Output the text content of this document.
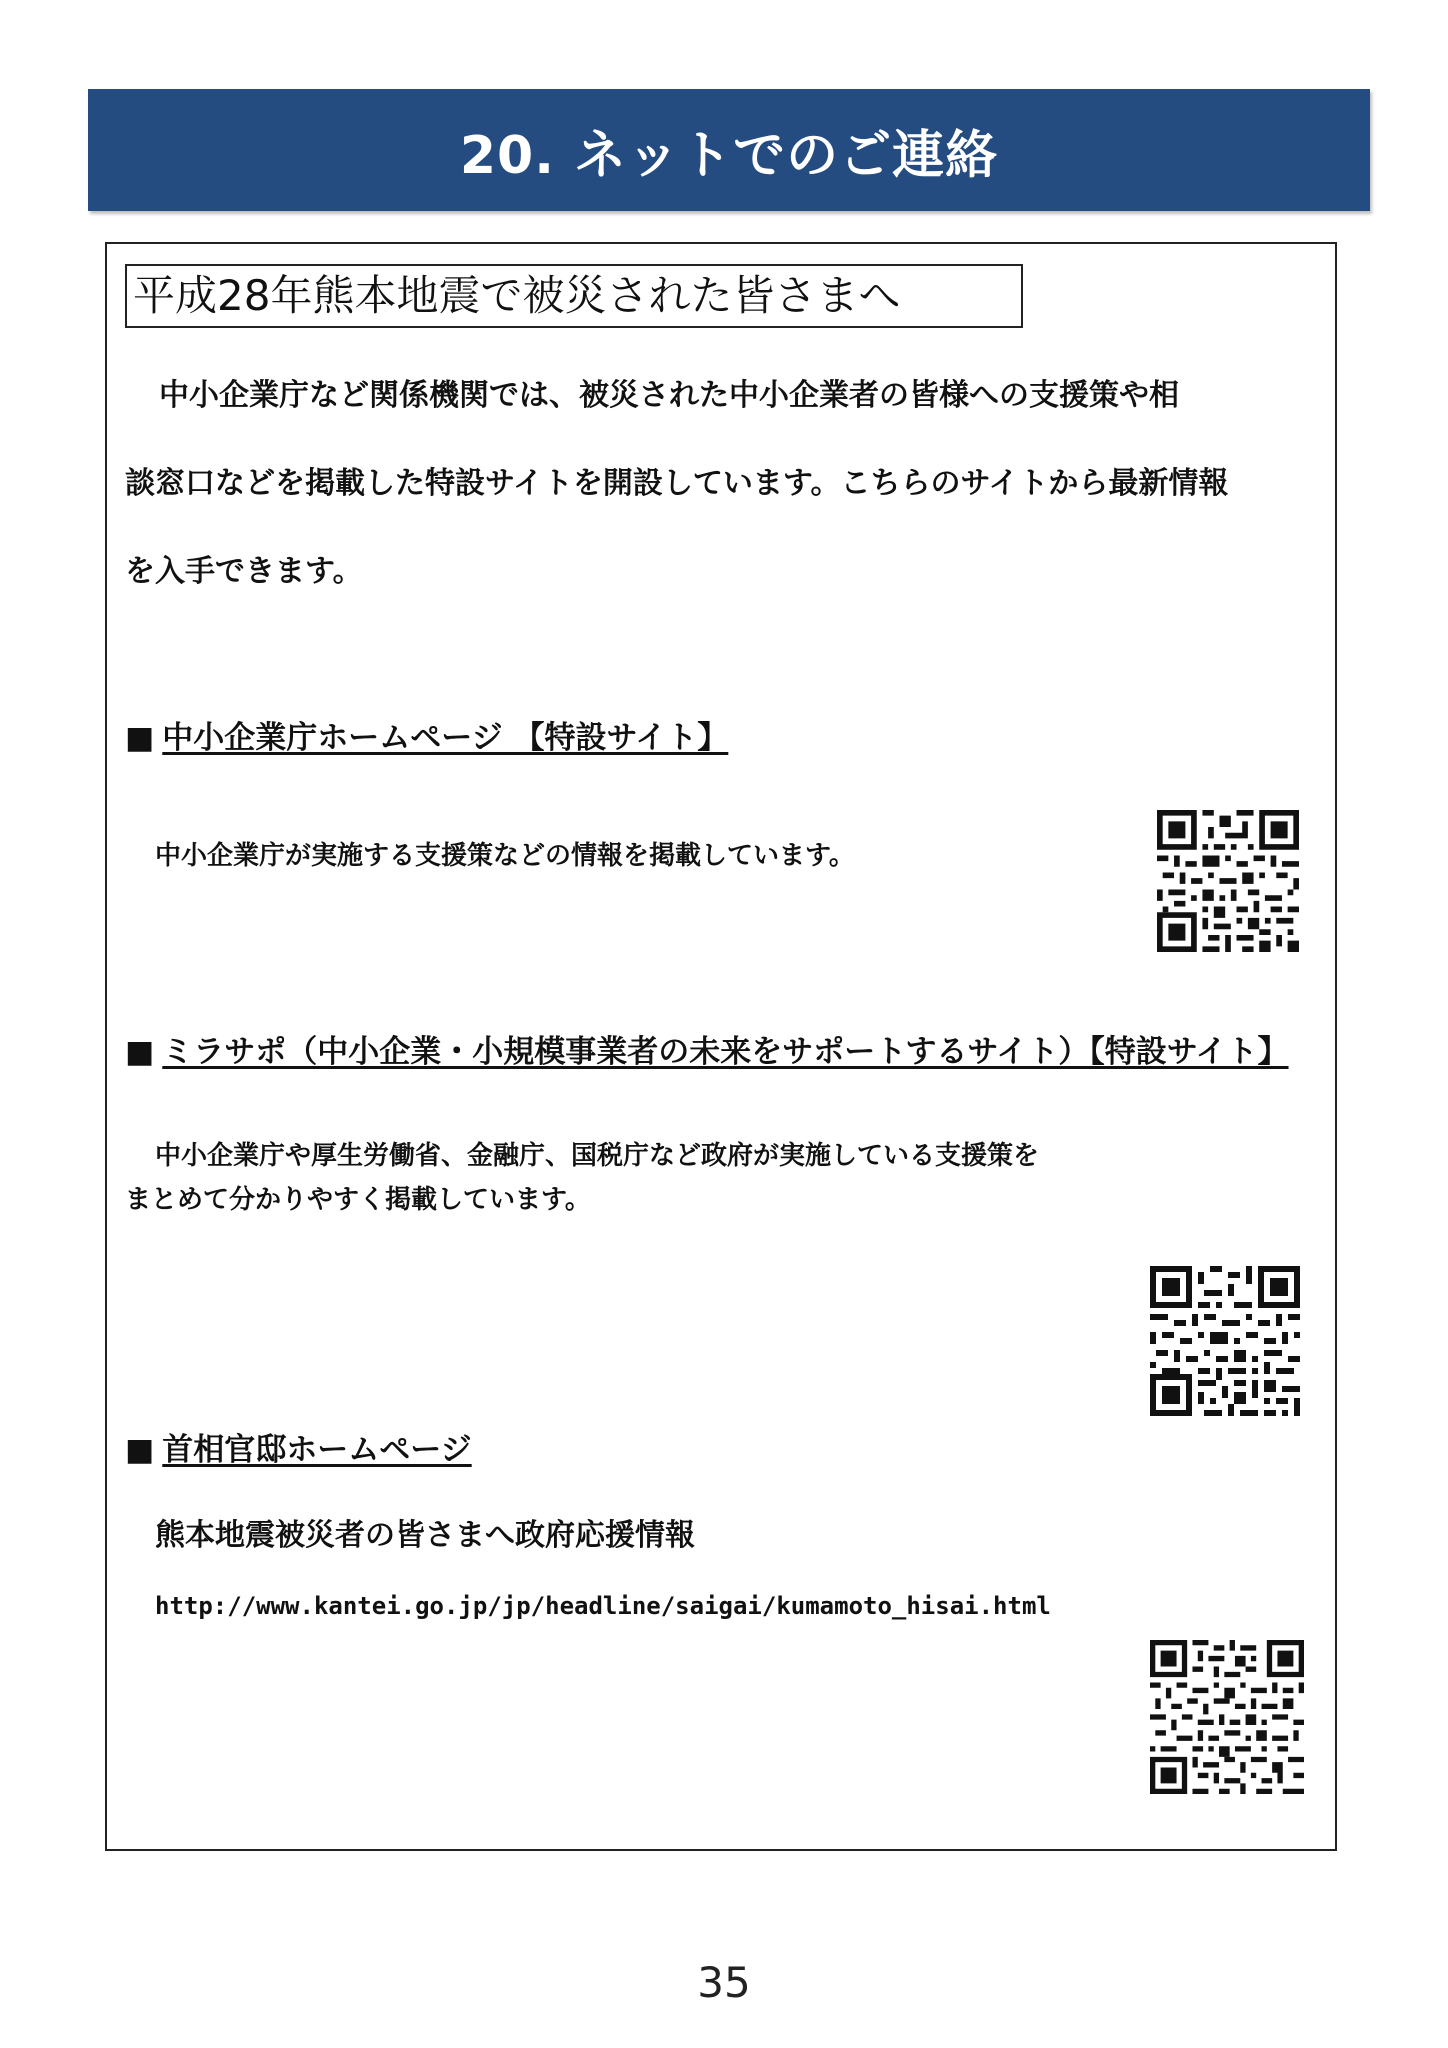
20. ネットでのご連絡
平成28年熊本地震で被災された皆さまへ
中小企業庁など関係機関では、被災された中小企業者の皆様への支援策や相
談窓口などを掲載した特設サイトを開設しています。こちらのサイトから最新情報
を入手できます。
■ 中小企業庁ホームページ 【特設サイト】
中小企業庁が実施する支援策などの情報を掲載しています。
■ ミラサポ（中小企業・小規模事業者の未来をサポートするサイト）【特設サイト】
中小企業庁や厚生労働省、金融庁、国税庁など政府が実施している支援策を
まとめて分かりやすく掲載しています。
■ 首相官邸ホームページ
熊本地震被災者の皆さまへ政府応援情報
http://www.kantei.go.jp/jp/headline/saigai/kumamoto_hisai.html
35
